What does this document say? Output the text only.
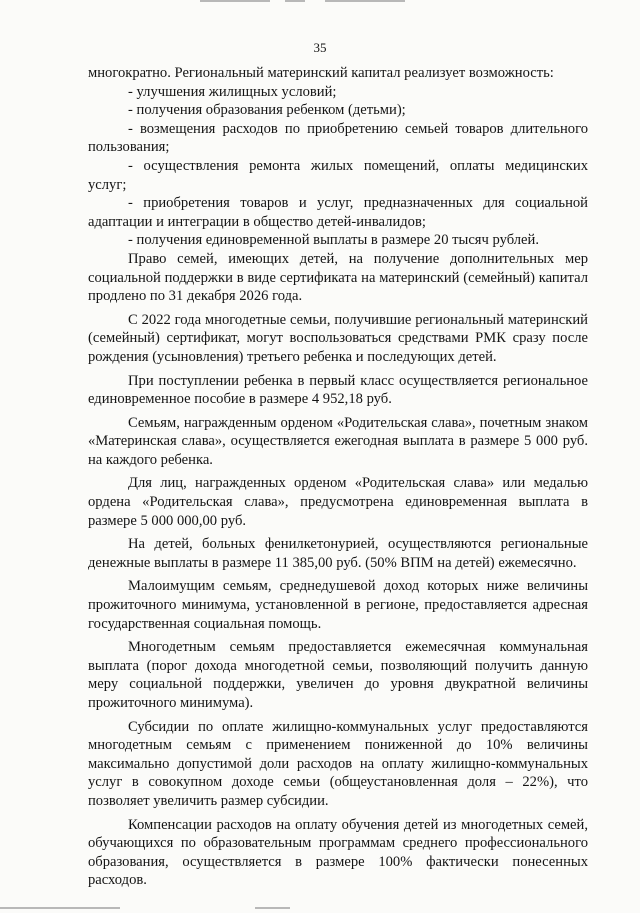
35

многократно. Региональный материнский капитал реализует возможность:

- улучшения жилищных условий;

- получения образования ребенком (детьми);

- возмещения расходов по приобретению семьей товаров длительного пользования;

- осуществления ремонта жилых помещений, оплаты медицинских услуг;

- приобретения товаров и услуг, предназначенных для социальной адаптации и интеграции в общество детей-инвалидов;

- получения единовременной выплаты в размере 20 тысяч рублей.

Право семей, имеющих детей, на получение дополнительных мер социальной поддержки в виде сертификата на материнский (семейный) капитал продлено по 31 декабря 2026 года.

С 2022 года многодетные семьи, получившие региональный материнский (семейный) сертификат, могут воспользоваться средствами РМК сразу после рождения (усыновления) третьего ребенка и последующих детей.

При поступлении ребенка в первый класс осуществляется региональное единовременное пособие в размере 4 952,18 руб.

Семьям, награжденным орденом «Родительская слава», почетным знаком «Материнская слава», осуществляется ежегодная выплата в размере 5 000 руб. на каждого ребенка.

Для лиц, награжденных орденом «Родительская слава» или медалью ордена «Родительская слава», предусмотрена единовременная выплата в размере 5 000 000,00 руб.

На детей, больных фенилкетонурией, осуществляются региональные денежные выплаты в размере 11 385,00 руб. (50% ВПМ на детей) ежемесячно.

Малоимущим семьям, среднедушевой доход которых ниже величины прожиточного минимума, установленной в регионе, предоставляется адресная государственная социальная помощь.

Многодетным семьям предоставляется ежемесячная коммунальная выплата (порог дохода многодетной семьи, позволяющий получить данную меру социальной поддержки, увеличен до уровня двукратной величины прожиточного минимума).

Субсидии по оплате жилищно-коммунальных услуг предоставляются многодетным семьям с применением пониженной до 10% величины максимально допустимой доли расходов на оплату жилищно-коммунальных услуг в совокупном доходе семьи (общеустановленная доля – 22%), что позволяет увеличить размер субсидии.

Компенсации расходов на оплату обучения детей из многодетных семей, обучающихся по образовательным программам среднего профессионального образования, осуществляется в размере 100% фактически понесенных расходов.
